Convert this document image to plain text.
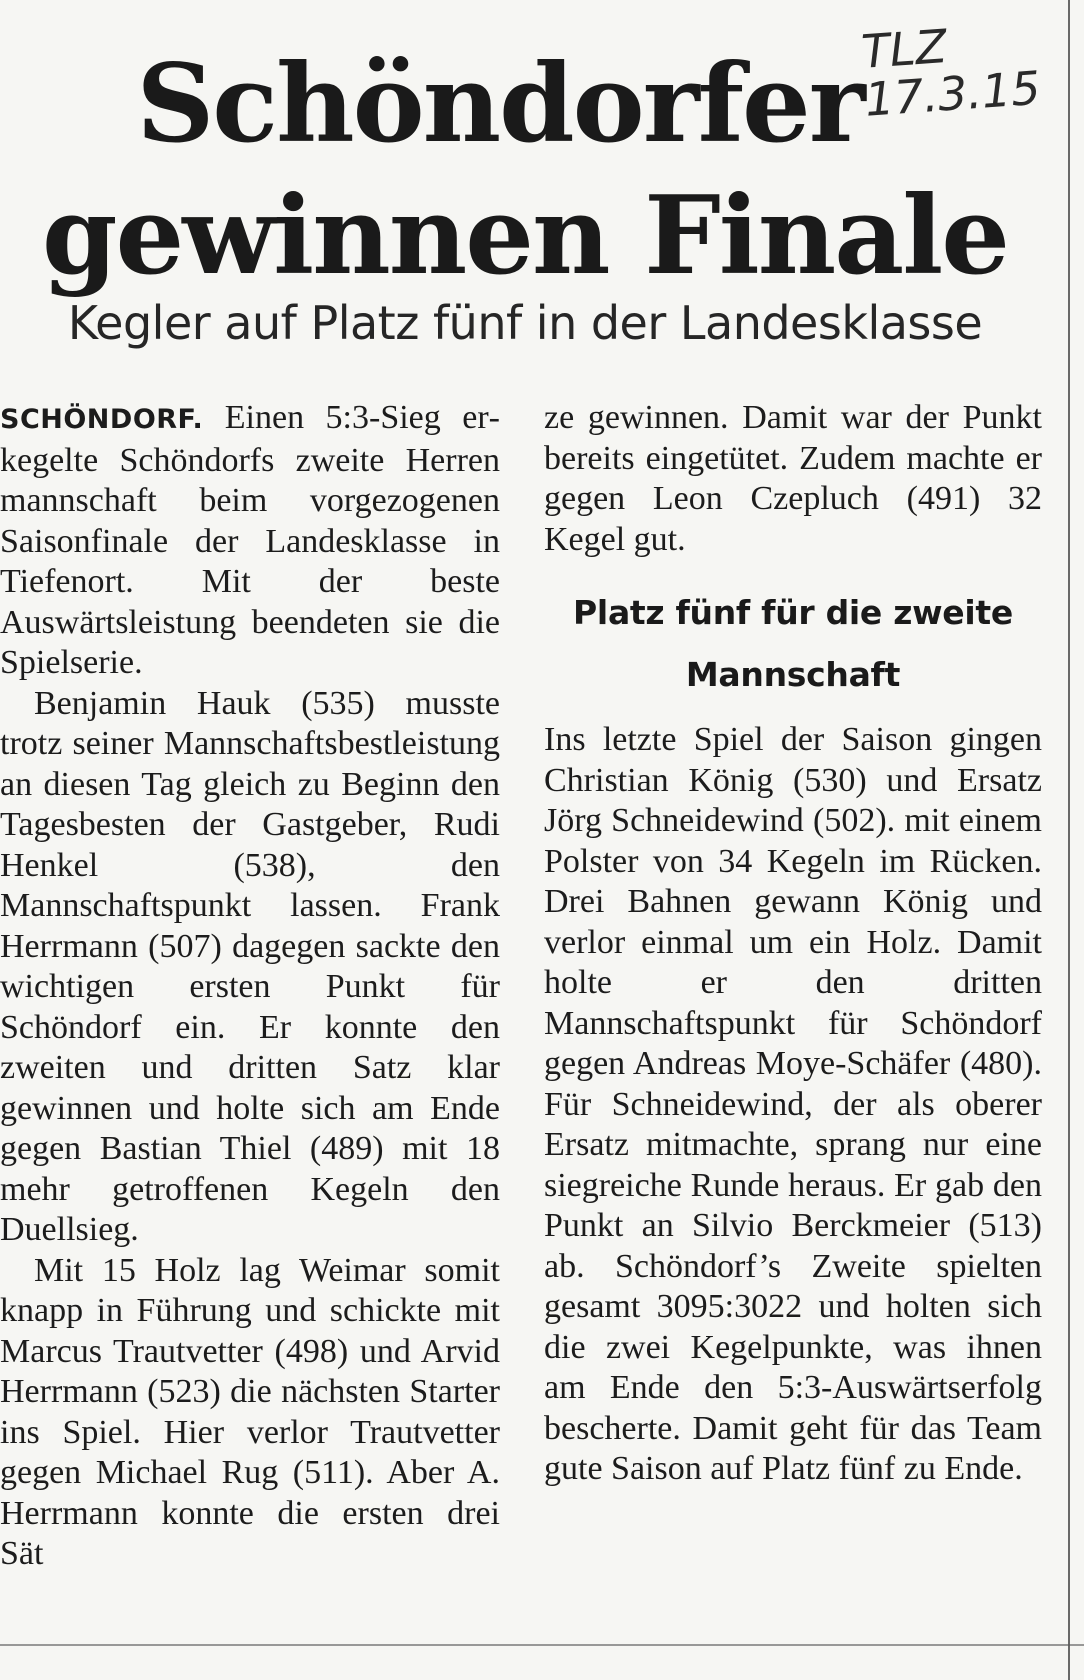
Schöndorfer
gewinnen Finale
TLZ
17.3.15
Kegler auf Platz fünf in der Landesklasse

SCHÖNDORF. Einen 5:3-Sieg erkegelte Schöndorfs zweite Herren mannschaft beim vorgezogenen Saisonfinale der Landesklasse in Tiefenort. Mit der beste Auswärtsleistung beendeten sie die Spielserie.

Benjamin Hauk (535) musste trotz seiner Mannschaftsbestleistung an diesen Tag gleich zu Beginn den Tagesbesten der Gastgeber, Rudi Henkel (538), den Mannschaftspunkt lassen. Frank Herrmann (507) dagegen sackte den wichtigen ersten Punkt für Schöndorf ein. Er konnte den zweiten und dritten Satz klar gewinnen und holte sich am Ende gegen Bastian Thiel (489) mit 18 mehr getroffenen Kegeln den Duellsieg.

Mit 15 Holz lag Weimar somit knapp in Führung und schickte mit Marcus Trautvetter (498) und Arvid Herrmann (523) die nächsten Starter ins Spiel. Hier verlor Trautvetter gegen Michael Rug (511). Aber A. Herrmann konnte die ersten drei Sät

ze gewinnen. Damit war der Punkt bereits eingetütet. Zudem machte er gegen Leon Czepluch (491) 32 Kegel gut.

Platz fünf für die zweite Mannschaft

Ins letzte Spiel der Saison gingen Christian König (530) und Ersatz Jörg Schneidewind (502). mit einem Polster von 34 Kegeln im Rücken. Drei Bahnen gewann König und verlor einmal um ein Holz. Damit holte er den dritten Mannschaftspunkt für Schöndorf gegen Andreas Moye-Schäfer (480). Für Schneidewind, der als oberer Ersatz mitmachte, sprang nur eine siegreiche Runde heraus. Er gab den Punkt an Silvio Berckmeier (513) ab. Schöndorf’s Zweite spielten gesamt 3095:3022 und holten sich die zwei Kegelpunkte, was ihnen am Ende den 5:3-Auswärtserfolg bescherte. Damit geht für das Team gute Saison auf Platz fünf zu Ende.
